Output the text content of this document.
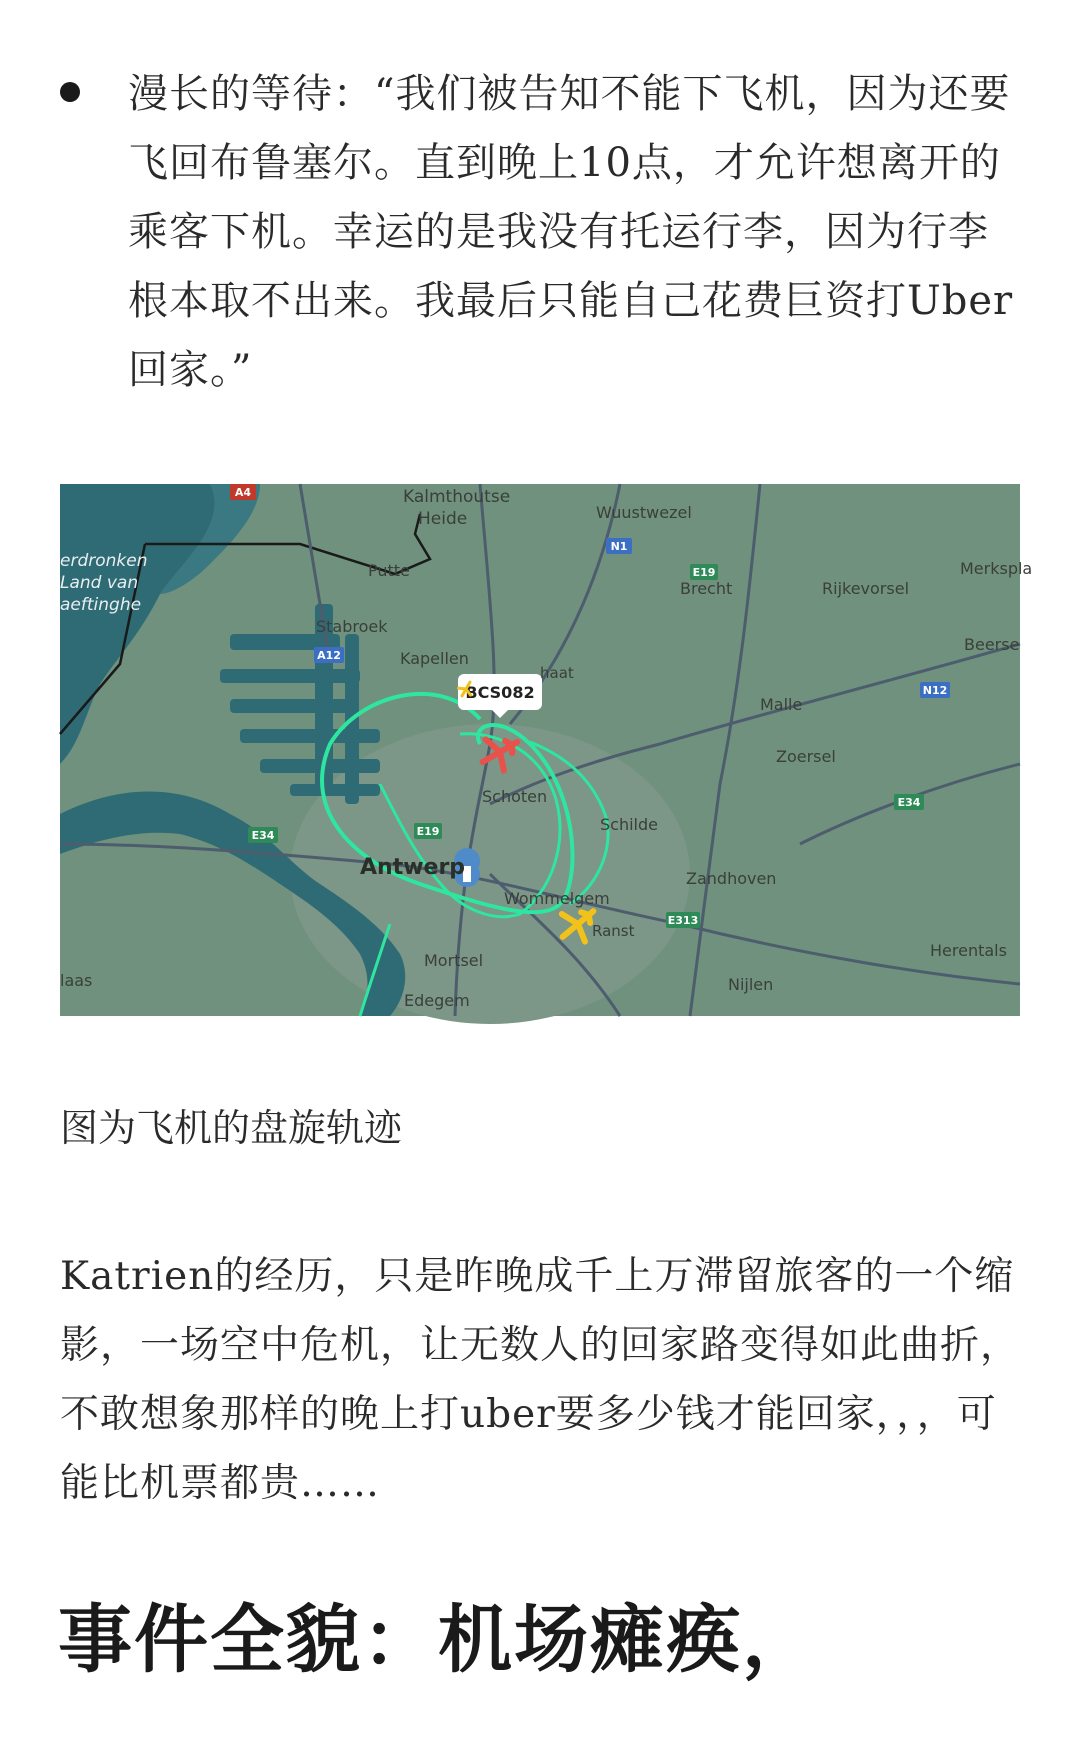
漫长的等待：“我们被告知不能下飞机，因为还要飞回布鲁塞尔。直到晚上10点，才允许想离开的乘客下机。幸运的是我没有托运行李，因为行李根本取不出来。我最后只能自己花费巨资打Uber回家。”
BCS082
A4
N1
E19
A12
N12
E34
E34	E19
E313
Kalmthoutse
Heide	Wuustwezel
erdronken
Land van
aeftinghe
Putte
Brecht	Rijkevorsel
Merkspla
Stabroek
Kapellen
haat
Beerse
Malle
Zoersel
Schoten
Schilde
Antwerp	Zandhoven
Wommelgem
Ranst
Mortsel
Herentals
Nijlen
Edegem
laas
图为飞机的盘旋轨迹
Katrien的经历，只是昨晚成千上万滞留旅客的一个缩影，一场空中危机，让无数人的回家路变得如此曲折，不敢想象那样的晚上打uber要多少钱才能回家，，，可能比机票都贵……
事件全貌：机场瘫痪，
